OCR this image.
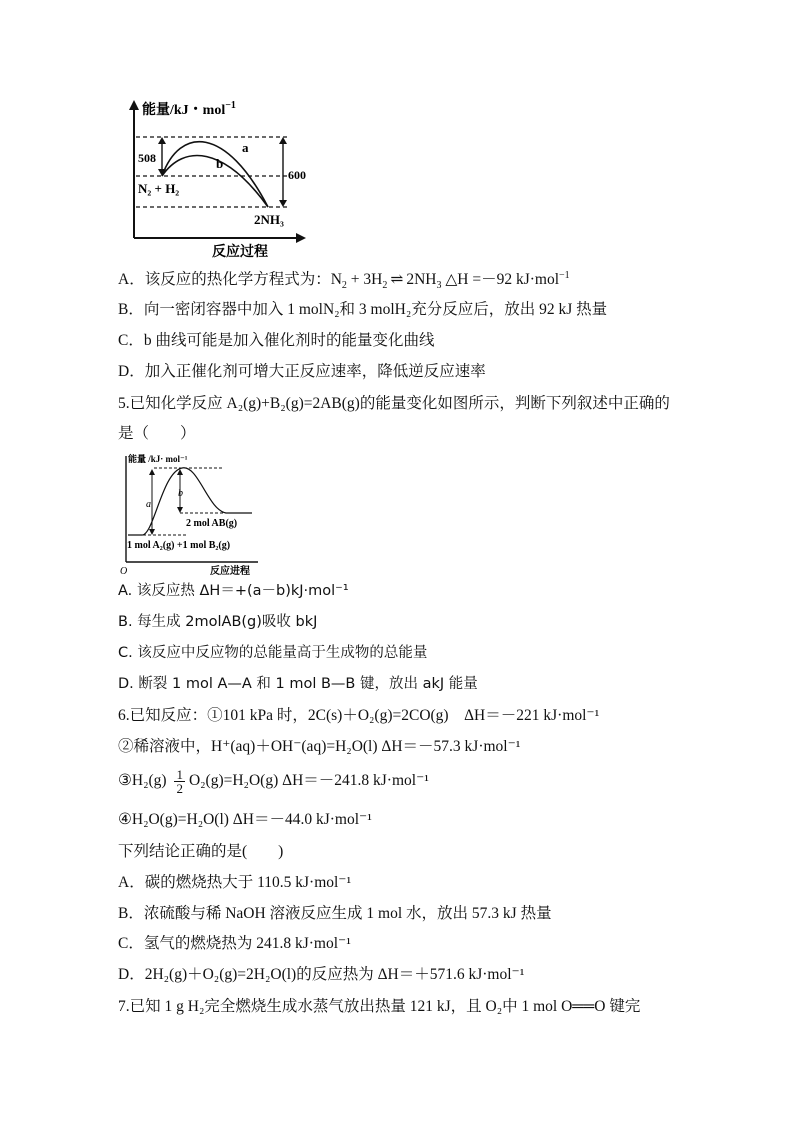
能量/kJ・mol$^{-1}$
508
600
a
b
N₂ + H₂
2NH₃
反应过程
A．该反应的热化学方程式为：$N_2 + 3H_2$ ⇌ $2NH_3$ △H =－92 kJ·mol$^{-1}$
B．向一密闭容器中加入 1 molN₂和 3 molH₂充分反应后，放出 92 kJ 热量
C．b 曲线可能是加入催化剂时的能量变化曲线
D．加入正催化剂可增大正反应速率，降低逆反应速率
5.已知化学反应 A₂(g)+B₂(g)=2AB(g)的能量变化如图所示，判断下列叙述中正确的
是（　　）
能量 /kJ· mol⁻¹
a
b
2 mol AB(g)
1 mol A₂(g) +1 mol B₂(g)
O	反应进程
A. 该反应热 ΔH＝+(a－b)kJ·mol⁻¹
B. 每生成 2molAB(g)吸收 bkJ
C. 该反应中反应物的总能量高于生成物的总能量
D. 断裂 1 mol A—A 和 1 mol B—B 键，放出 akJ 能量
6.已知反应：①101 kPa 时，2C(s)＋O₂(g)=2CO(g)　ΔH＝－221 kJ·mol⁻¹
②稀溶液中，H⁺(aq)＋OH⁻(aq)=H₂O(l) ΔH＝－57.3 kJ·mol⁻¹
③H₂(g) $\frac{1}{2} O_2(g)=H_2O(g)$ ΔH＝－241.8 kJ·mol⁻¹
④H₂O(g)=H₂O(l) ΔH＝－44.0 kJ·mol⁻¹
下列结论正确的是(　　)
A．碳的燃烧热大于 110.5 kJ·mol⁻¹
B．浓硫酸与稀 NaOH 溶液反应生成 1 mol 水，放出 57.3 kJ 热量
C．氢气的燃烧热为 241.8 kJ·mol⁻¹
D．2H₂(g)＋O₂(g)=2H₂O(l)的反应热为 ΔH＝＋571.6 kJ·mol⁻¹
7.已知 1 g H₂完全燃烧生成水蒸气放出热量 121 kJ，且 O₂中 1 mol O══O 键完
